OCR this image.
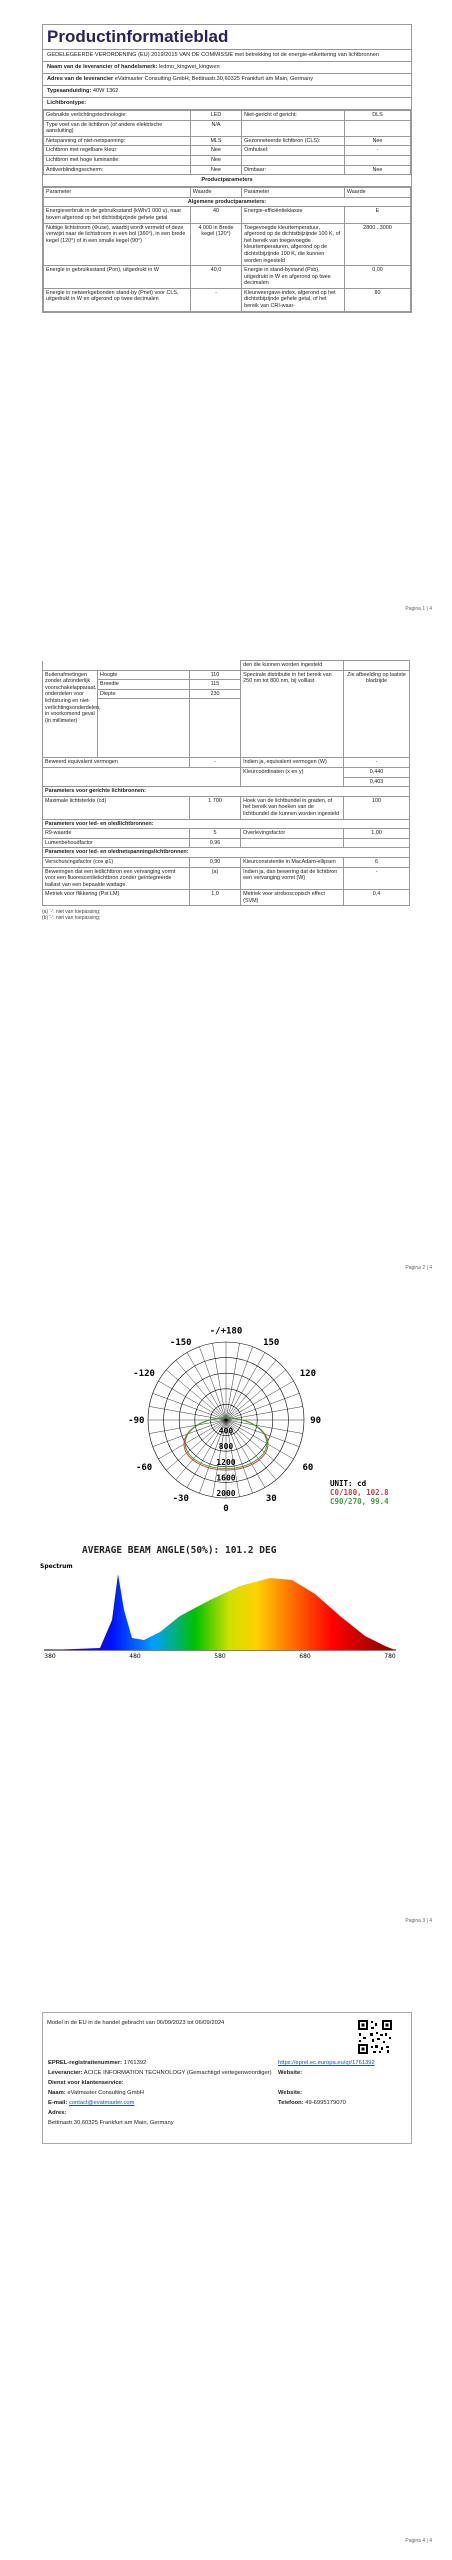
Productinformatieblad
GEDELEGEERDE VERORDENING (EU) 2019/2015 VAN DE COMMISSIE met betrekking tot de energie-etikettering van lichtbronnen
Naam van de leverancier of handelsmerk: ledmo_kingwei_kingwen
Adres van de leverancier eVatmaster Consulting GmbH, Bettinastr.30,60325 Frankfurt am Main, Germany
Typeaanduiding: 40W 1362
Lichtbrontype:
Gebruikte verlichtingstechnologie:	LED	Niet-gericht of gericht:	DLS
Type voet van de lichtbron (of andere elektrische aansluiting)	N/A		
Netspanning of niet-netspanning:	MLS	Gezonneteerde lichtbron (CLS):	Nee
Lichtbron met regelbare kleur:	Nee	Omhulsel:	-
Lichtbron met hoge luminantie:	Nee		
Antiverblindingsscherm:	Nee	Dimbaar:	Nee
Productparameters
Parameter	Waarde	Parameter	Waarde
Algemene productparameters:			
Energieverbruik in de gebruiksstand (kWh/1 000 u), naar boven afgerond op het dichtstbijzijnde gehele getal	40	Energie-efficiëntieklasse	E
Nuttige lichtstroom (Φuse), waarbij wordt vermeld of deze verwijst naar de lichtstroom in een bol (360°), in een brede kegel (120°) of in een smalle kegel (90°)	4 000 in Brede kegel (120°)	Toegevoegde kleurtemperatuur, afgerond op de dichtstbijzijnde 100 K, of het bereik van toegevoegde kleurtemperaturen, afgerond op de dichtstbijzijnde 100 K, die kunnen worden ingesteld	2800...3000
Energie in gebruiksstand (Pon), uitgedrukt in W	40,0	Energie in stand-bystand (Psb), uitgedrukt in W en afgerond op twee decimalen	0,00
Energie in netwerkgebonden stand-by (Pnet) voor CLS, uitgedrukt in W en afgerond op twee decimalen	-	Kleurweergave-index, afgerond op het dichtstbijzijnde gehele getal, of het bereik van CRI-waar-	80
Pagina 1 | 4
			den die kunnen worden ingesteld	
Buitenafmetingen zonder afzonderlijk voorschakelapparaat, onderdelen voor lichtsturing en niet-verlichtingsonderdelen, in voorkomend geval (in millimeter)	Hoogte	110	Spectrale distributie in het bereik van 250 nm tot 800 nm, bij volllast	Zie afbeelding op laatste bladzijde
	Breedte	115		
	Diepte	230		

Beweerd equivalent vermogen		-	Indien ja, equivalent vermogen (W)	-
			Kleurcoördinaten (x en y)	0,440
				0,403
Parameters voor gerichte lichtbronnen:				
Maximale lichtsterkte (cd)		1 700	Hoek van de lichtbundel in graden, of het bereik van hoeken van de lichtbundel die kunnen worden ingesteld	100
Parameters voor led- en oledlichtbronnen:				
R9-waarde		5	Overlevingsfactor	1,00
Lumenbehoudfactor		0,96		
Parameters voor led- en olednetspanningslichtbronnen:				
Verschuivingsfactor (cos φ1)		0,90	Kleurconsistentie in MacAdam-ellipsen	6
Beweringen dat een ledlichtbron een vervanging vormt voor een fluorescentielichtbron zonder geïntegreerde ballast van een bepaalde wattage.		(a)	Indien ja, dan bewering dat de lichtbron een vervanging vormt (W)	-
Metriek voor flikkering (Pst LM)		1,0	Metriek voor stroboscopisch effect (SVM)	0,4
(a) '-': niet van toepassing;
(b) '-': niet van toepassing;
Pagina 2 | 4
-/+180
150
-150
120
-120
90
-90
60
-60
30
-30
0
400
800
1200
1600
2000
UNIT: cd
C0/180, 102.8
C90/270, 99.4
AVERAGE BEAM ANGLE(50%): 101.2 DEG
Spectrum
380	480	580	680	780
Pagina 3 | 4
Model in de EU in de handel gebracht van 06/09/2023 tot 06/09/2024
EPREL-registratienummer: 1761392	https://eprel.ec.europa.eu/qr/1761392
Leverancier: ACICE INFORMATION TECHNOLOGY (Gemachtigd vertegenwoordiger)	Website:
Dienst voor klantenservice:
Naam: eVatmaster Consulting GmbH	Website:
E-mail: contact@evatmaster.com	Telefoon: 49-6995179070
Adres:
Bettinastr.30,60325 Frankfurt am Main, Germany
Pagina 4 | 4
